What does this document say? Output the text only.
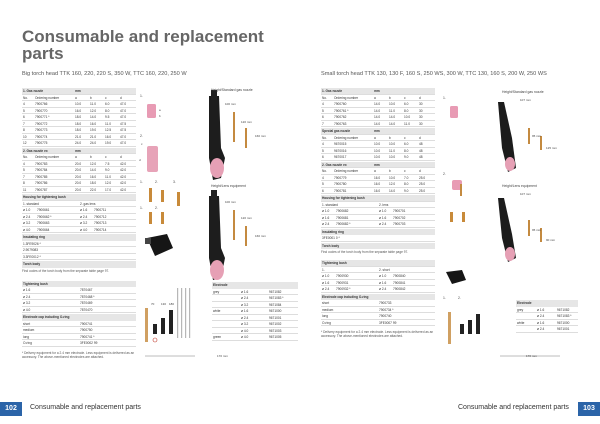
Consumable and replacement parts
Big torch head TTK 160, 220, 220 S, 350 W, TTC 160, 220, 250 W	Small torch head TTK 130, 130 F, 160 S, 250 WS, 300 W, TTC 130, 160 S, 200 W, 250 WS
1. Gas nozzle	mm
No.	Ordering number	a	b	c	d
4	7900766	10.0	11.0	6.0	47.0
5	7900770	16.0	12.0	8.0	47.0
6	7900771 *	18.0	14.0	9.5	47.0
7	7900772	18.0	16.0	11.0	47.5
8	7900773	18.0	19.0	12.5	47.5
10	7900774	21.0	21.0	16.0	47.0
12	7900775	24.0	24.0	19.0	47.0
2. Gas nozzle ex	mm
No.	Ordering number	a	b	c	d
4	7900783	20.0	12.0	7.5	42.0
5	7900784	20.0	14.0	9.0	42.0
7	7900785	20.0	16.0	11.0	42.0
8	7900786	20.0	18.0	12.0	42.0
11	7900787	20.0	22.0	17.0	42.0
Housing for tightening bush
1. standard	2. gas lens
ø 1.0	7900661	ø 1.6	7900711
ø 2.4	7900662 *	ø 2.4	7900712
ø 3.2	7900663	ø 3.2	7900713
ø 4.0	7900664	ø 4.0	7900714
Insulating ring
1.3FE9026 *
2.9079083
3.3FE0012 *
Torch body
Find codes of the torch body from the separate table page 97.
Tightening bush
ø 1.6	7870467
ø 2.4	7870468 *
ø 3.2	7870469
ø 4.0	7870470
Electrode cap including O-ring
short	7900741
medium	7900750
long	7900741 *
O-ring	3FE0002 99
* Delivery equipment for a 2.4 mm electrode. Less equipment is delivered as an accessory. The above-mentioned electrodes are attached.
Height/Standard gas nozzle
100 mm
120 mm
160 mm
Height/Lens equipment
100 mm
120 mm
160 mm
1.
2.
1.	2.	3.
1.	2.
a
b
c
d
70 130 180
170 mm
Electrode
grey	ø 1.6	9671082
ø 2.4	9671083 *
ø 3.2	9671084
white	ø 1.6	9671000
ø 2.4	9671001
ø 3.2	9671002
ø 4.0	9671003
green	ø 4.0	9671005
1. Gas nozzle	mm
No.	Ordering number	a	b	c	d
4	7900760	14.0	10.0	6.0	30
5	7900761 *	14.0	11.0	8.0	30
6	7900762	14.0	14.0	10.0	30
7	7900763	14.0	14.0	11.0	30
Special gas nozzle	mm
No.	Ordering number	a	b	c	d
4	9670015	10.0	10.0	6.0	48
5	9670016	10.0	11.0	8.0	48
6	9670017	10.0	10.0	9.0	48
2. Gas nozzle ex	mm
No.	Ordering number	a	b	c	d
4	7900779	16.0	10.0	7.0	25.0
5	7900780	16.0	12.0	8.0	25.0
6	7900781	16.0	14.0	9.0	25.0
Housing for tightening bush
1. standard	2. lens
ø 1.0	7900682	ø 1.0	7900701
ø 1.6	7900681	ø 1.6	7900702
ø 2.4	7900682 *	ø 2.4	7900703
Insulating ring
3FE0001 0 *
Torch body
Find codes of the torch body from the separate table page 97.
Tightening bush
1.	2. short
ø 1.0	7900930	ø 1.0	7900840
ø 1.6	7900931	ø 1.6	7900841
ø 2.4	7900932 *	ø 2.4	7900842
Electrode cap including O-ring
short	7900733
medium	7900734 *
long	7900740
O-ring	3FE0007 99
* Delivery equipment for a 2.4 mm electrode. Less equipment is delivered as an accessory. The above-mentioned electrodes are attached.
Height/Standard gas nozzle
107 mm
95 mm
125 mm
Height/Lens equipment
107 mm
95 mm
90 mm
1.
2.
1.	2.
170 mm
Electrode
grey	ø 1.6	9671082
ø 2.4	9671083 *
white	ø 1.6	9671000
ø 2.4	9671001
102	Consumable and replacement parts	Consumable and replacement parts	103
